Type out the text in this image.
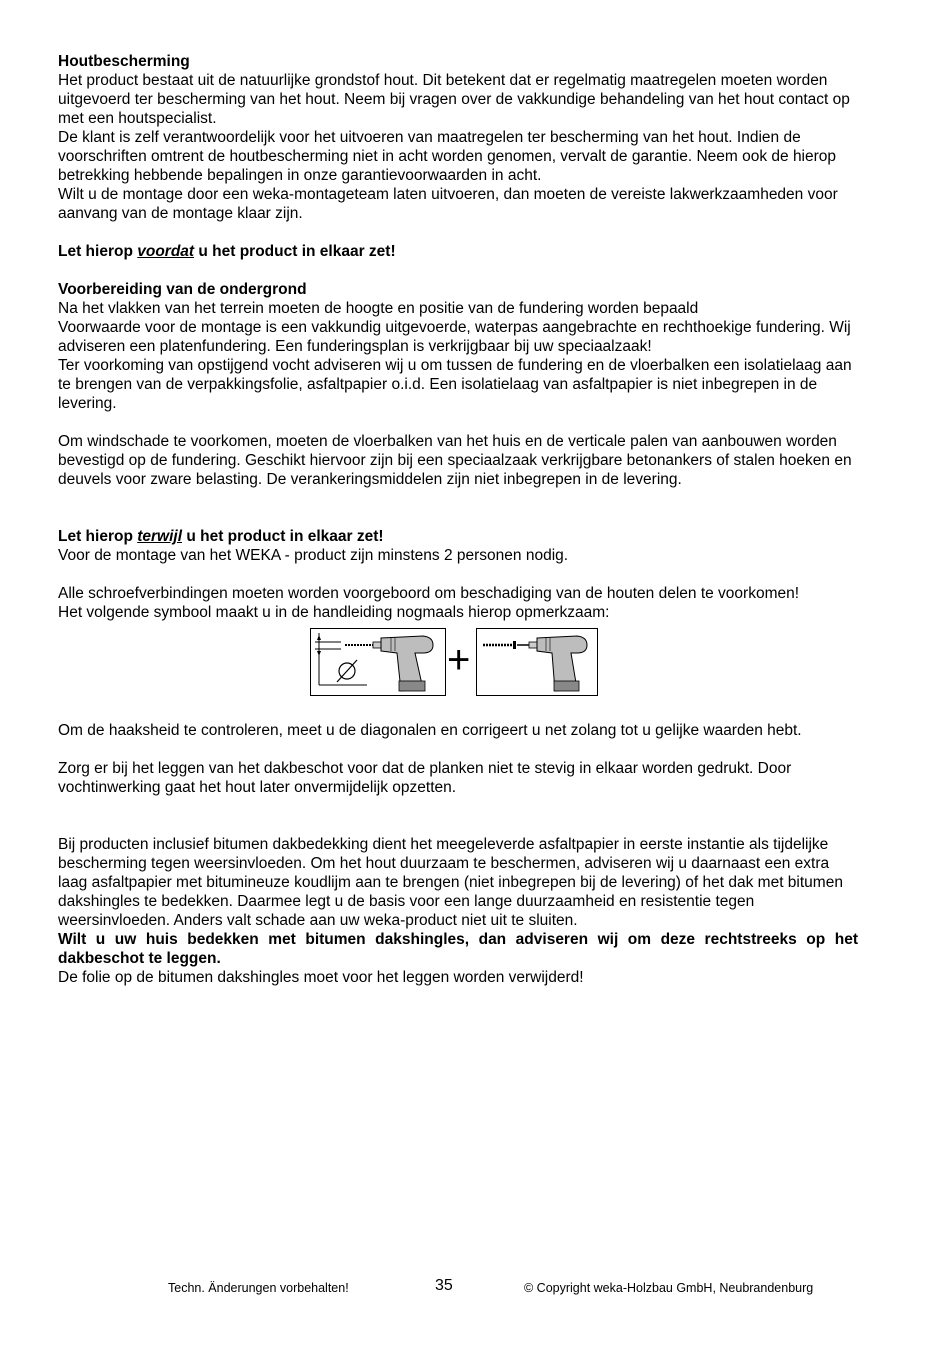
Houtbescherming

Het product bestaat uit de natuurlijke grondstof hout. Dit betekent dat er regelmatig maatregelen moeten worden uitgevoerd ter bescherming van het hout. Neem bij vragen over de vakkundige behandeling van het hout contact op met een houtspecialist.

De klant is zelf verantwoordelijk voor het uitvoeren van maatregelen ter bescherming van het hout. Indien de voorschriften omtrent de houtbescherming niet in acht worden genomen, vervalt de garantie. Neem ook de hierop betrekking hebbende bepalingen in onze garantievoorwaarden in acht.

Wilt u de montage door een weka-montageteam laten uitvoeren, dan moeten de vereiste lakwerkzaamheden voor aanvang van de montage klaar zijn.

Let hierop voordat u het product in elkaar zet!

Voorbereiding van de ondergrond

Na het vlakken van het terrein moeten de hoogte en positie van de fundering worden bepaald

Voorwaarde voor de montage is een vakkundig uitgevoerde, waterpas aangebrachte en rechthoekige fundering. Wij adviseren een platenfundering. Een funderingsplan is verkrijgbaar bij uw speciaalzaak!

Ter voorkoming van opstijgend vocht adviseren wij u om tussen de fundering en de vloerbalken een isolatielaag aan te brengen van de verpakkingsfolie, asfaltpapier o.i.d. Een isolatielaag van asfaltpapier is niet inbegrepen in de levering.

Om windschade te voorkomen, moeten de vloerbalken van het huis en de verticale palen van aanbouwen worden bevestigd op de fundering. Geschikt hiervoor zijn bij een speciaalzaak verkrijgbare betonankers of stalen hoeken en deuvels voor zware belasting. De verankeringsmiddelen zijn niet inbegrepen in de levering.

Let hierop terwijl u het product in elkaar zet!

Voor de montage van het WEKA - product zijn minstens 2 personen nodig.

Alle schroefverbindingen moeten worden voorgeboord om beschadiging van de houten delen te voorkomen!

Het volgende symbool maakt u in de handleiding nogmaals hierop opmerkzaam:

+

Om de haaksheid te controleren, meet u de diagonalen en corrigeert u net zolang tot u gelijke waarden hebt.

Zorg er bij het leggen van het dakbeschot voor dat de planken niet te stevig in elkaar worden gedrukt. Door vochtinwerking gaat het hout later onvermijdelijk opzetten.

Bij producten inclusief bitumen dakbedekking dient het meegeleverde asfaltpapier in eerste instantie als tijdelijke bescherming tegen weersinvloeden. Om het hout duurzaam te beschermen, adviseren wij u daarnaast een extra laag asfaltpapier met bitumineuze koudlijm aan te brengen (niet inbegrepen bij de levering) of het dak met bitumen dakshingles te bedekken. Daarmee legt u de basis voor een lange duurzaamheid en resistentie tegen weersinvloeden. Anders valt schade aan uw weka-product niet uit te sluiten.

Wilt u uw huis bedekken met bitumen dakshingles, dan adviseren wij om deze rechtstreeks op het dakbeschot te leggen.

De folie op de bitumen dakshingles moet voor het leggen worden verwijderd!

Techn. Änderungen vorbehalten!	35	© Copyright weka-Holzbau GmbH, Neubrandenburg
